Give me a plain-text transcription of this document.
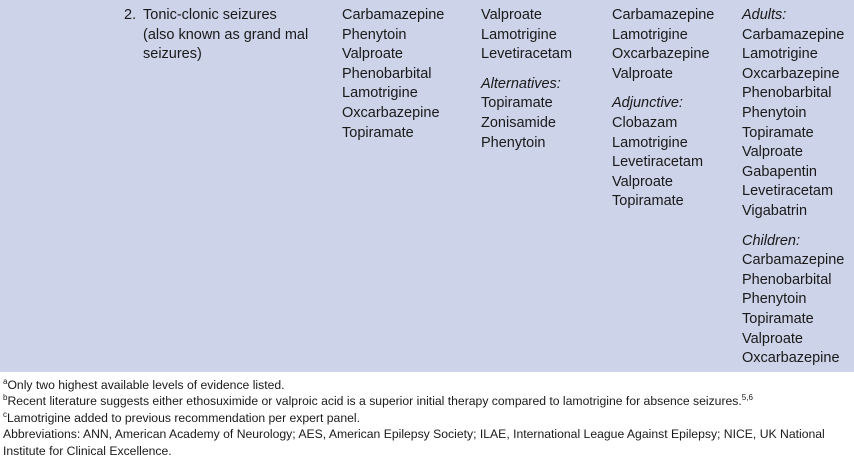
2. Tonic-clonic seizures
(also known as grand mal
seizures)
Carbamazepine
Phenytoin
Valproate
Phenobarbital
Lamotrigine
Oxcarbazepine
Topiramate
Valproate
Lamotrigine
Levetiracetam
Alternatives:
Topiramate
Zonisamide
Phenytoin
Carbamazepine
Lamotrigine
Oxcarbazepine
Valproate
Adjunctive:
Clobazam
Lamotrigine
Levetiracetam
Valproate
Topiramate
Adults:
Carbamazepine
Lamotrigine
Oxcarbazepine
Phenobarbital
Phenytoin
Topiramate
Valproate
Gabapentin
Levetiracetam
Vigabatrin
Children:
Carbamazepine
Phenobarbital
Phenytoin
Topiramate
Valproate
Oxcarbazepine
$^a$Only two highest available levels of evidence listed.
$^b$Recent literature suggests either ethosuximide or valproic acid is a superior initial therapy compared to lamotrigine for absence seizures.$^{5,6}$
$^c$Lamotrigine added to previous recommendation per expert panel.
Abbreviations: ANN, American Academy of Neurology; AES, American Epilepsy Society; ILAE, International League Against Epilepsy; NICE, UK National Institute for Clinical Excellence.
